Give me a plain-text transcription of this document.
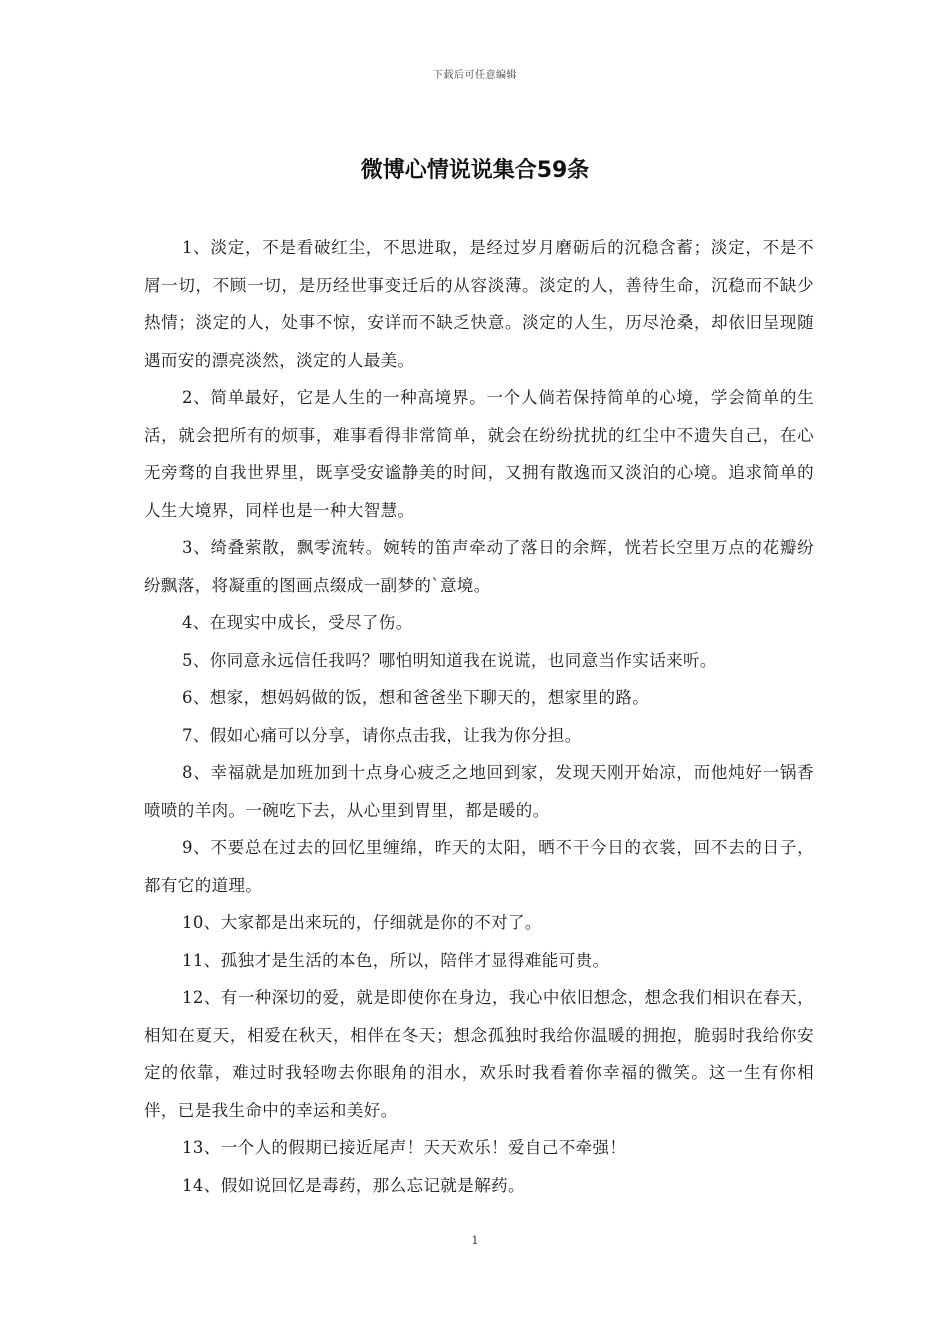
下载后可任意编辑
微博心情说说集合59条

1、淡定，不是看破红尘，不思进取，是经过岁月磨砺后的沉稳含蓄；淡定，不是不屑一切，不顾一切，是历经世事变迁后的从容淡薄。淡定的人，善待生命，沉稳而不缺少热情；淡定的人，处事不惊，安详而不缺乏快意。淡定的人生，历尽沧桑，却依旧呈现随遇而安的漂亮淡然，淡定的人最美。

2、简单最好，它是人生的一种高境界。一个人倘若保持简单的心境，学会简单的生活，就会把所有的烦事，难事看得非常简单，就会在纷纷扰扰的红尘中不遗失自己，在心无旁骛的自我世界里，既享受安谧静美的时间，又拥有散逸而又淡泊的心境。追求简单的人生大境界，同样也是一种大智慧。

3、绮叠萦散，飘零流转。婉转的笛声牵动了落日的余辉，恍若长空里万点的花瓣纷纷飘落，将凝重的图画点缀成一副梦的`意境。

4、在现实中成长，受尽了伤。

5、你同意永远信任我吗？哪怕明知道我在说谎，也同意当作实话来听。

6、想家，想妈妈做的饭，想和爸爸坐下聊天的，想家里的路。

7、假如心痛可以分享，请你点击我，让我为你分担。

8、幸福就是加班加到十点身心疲乏之地回到家，发现天刚开始凉，而他炖好一锅香喷喷的羊肉。一碗吃下去，从心里到胃里，都是暖的。

9、不要总在过去的回忆里缠绵，昨天的太阳，晒不干今日的衣裳，回不去的日子，都有它的道理。

10、大家都是出来玩的，仔细就是你的不对了。

11、孤独才是生活的本色，所以，陪伴才显得难能可贵。

12、有一种深切的爱，就是即使你在身边，我心中依旧想念，想念我们相识在春天，相知在夏天，相爱在秋天，相伴在冬天；想念孤独时我给你温暖的拥抱，脆弱时我给你安定的依靠，难过时我轻吻去你眼角的泪水，欢乐时我看着你幸福的微笑。这一生有你相伴，已是我生命中的幸运和美好。

13、一个人的假期已接近尾声！天天欢乐！爱自己不牵强！

14、假如说回忆是毒药，那么忘记就是解药。

1
